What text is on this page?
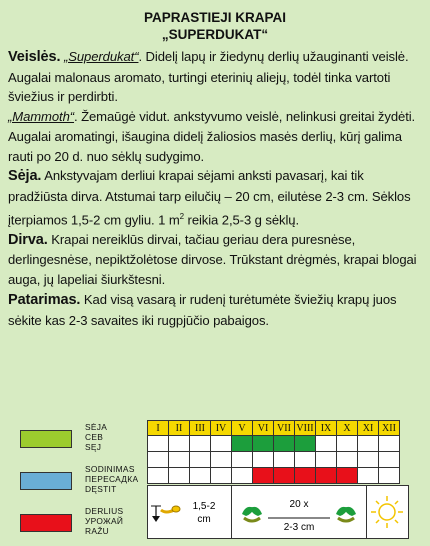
PAPRASTIEJI KRAPAI
„SUPERDUKAT“

Veislės. „Superdukat“. Didelį lapų ir žiedynų derlių užauginanti veislė. Augalai malonaus aromato, turtingi eterinių aliejų, todėl tinka vartoti šviežius ir perdirbti.
„Mammoth“. Žemaūgė vidut. ankstyvumo veislė, nelinkusi greitai žydėti. Augalai aromatingi, išaugina didelį žaliosios masės derlių, kūrį galima rauti po 20 d. nuo sėklų sudygimo.

Sėja. Ankstyvajam derliui krapai sėjami anksti pavasarį, kai tik pradžiūsta dirva. Atstumai tarp eilučių – 20 cm, eilutėse 2-3 cm. Sėklos įterpiamos 1,5-2 cm gyliu. 1 $m^2$ reikia 2,5-3 g sėklų.

Dirva. Krapai nereiklūs dirvai, tačiau geriau dera puresnėse, derlingesnėse, nepiktžolėtose dirvose. Trūkstant drėgmės, krapai blogai auga, jų lapeliai šiurkštesni.

Patarimas. Kad visą vasarą ir rudenį turėtumėte šviežių krapų juos sėkite kas 2-3 savaites iki rugpjūčio pabaigos.

SĖJA
СЕВ
SĘJ
SODINIMAS
ПЕРЕСАДКА
DĘSTIT
DERLIUS
УРОЖАЙ
RAŽU
I	II	III	IV	V	VI	VII	VIII	IX	X	XI	XII

1,5-2
cm
20 x
2-3 cm
